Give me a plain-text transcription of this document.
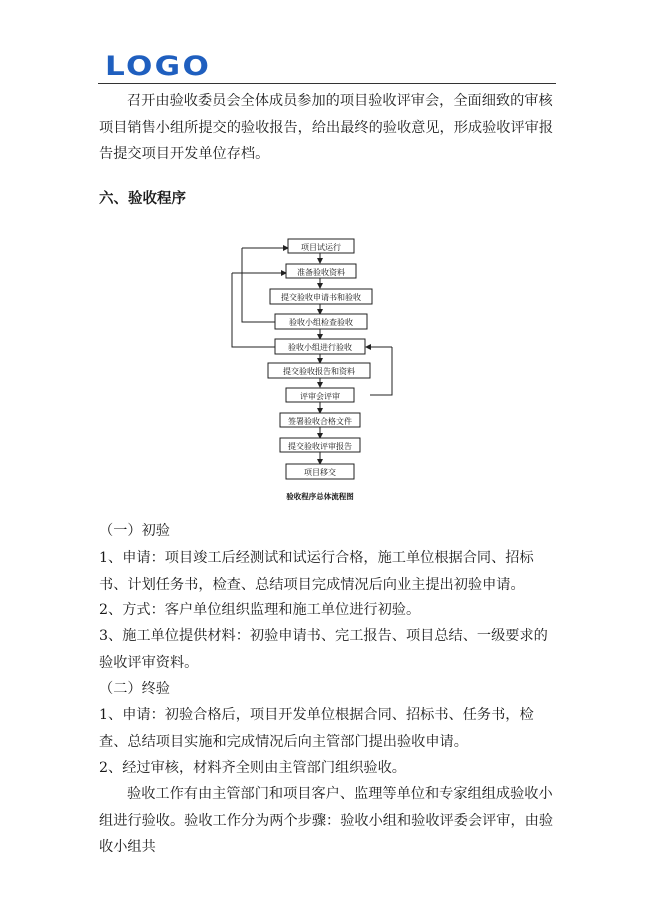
LOGO

召开由验收委员会全体成员参加的项目验收评审会，全面细致的审核项目销售小组所提交的验收报告，给出最终的验收意见，形成验收评审报告提交项目开发单位存档。

六、验收程序

项目试运行
准备验收资料
提交验收申请书和验收
验收小组检查验收
验收小组进行验收
提交验收报告和资料
评审会评审
签署验收合格文件
提交验收评审报告
项目移交
验收程序总体流程图

（一）初验

1、申请：项目竣工后经测试和试运行合格，施工单位根据合同、招标书、计划任务书，检查、总结项目完成情况后向业主提出初验申请。

2、方式：客户单位组织监理和施工单位进行初验。

3、施工单位提供材料：初验申请书、完工报告、项目总结、一级要求的验收评审资料。

（二）终验

1、申请：初验合格后，项目开发单位根据合同、招标书、任务书，检查、总结项目实施和完成情况后向主管部门提出验收申请。

2、经过审核，材料齐全则由主管部门组织验收。

验收工作有由主管部门和项目客户、监理等单位和专家组组成验收小组进行验收。验收工作分为两个步骤：验收小组和验收评委会评审，由验收小组共
